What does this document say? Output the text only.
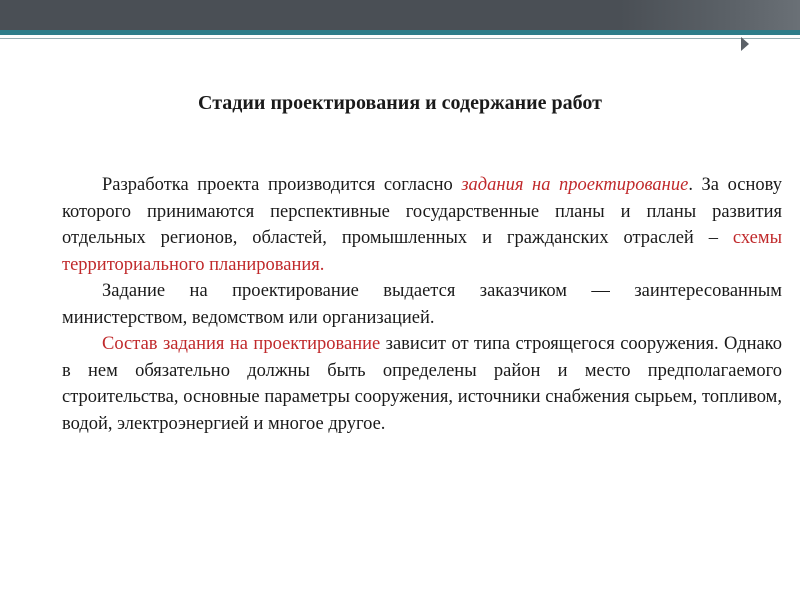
Стадии проектирования и содержание работ

Разработка проекта производится согласно задания на проектирование. За основу которого принимаются перспективные государственные планы и планы развития отдельных регионов, областей, промышленных и гражданских отраслей – схемы территориального планирования.

Задание на проектирование выдается заказчиком — заинтересованным министерством, ведомством или организацией.

Состав задания на проектирование зависит от типа строящегося сооружения. Однако в нем обязательно должны быть определены район и место предполагаемого строительства, основные параметры сооружения, источники снабжения сырьем, топливом, водой, электроэнергией и многое другое.
